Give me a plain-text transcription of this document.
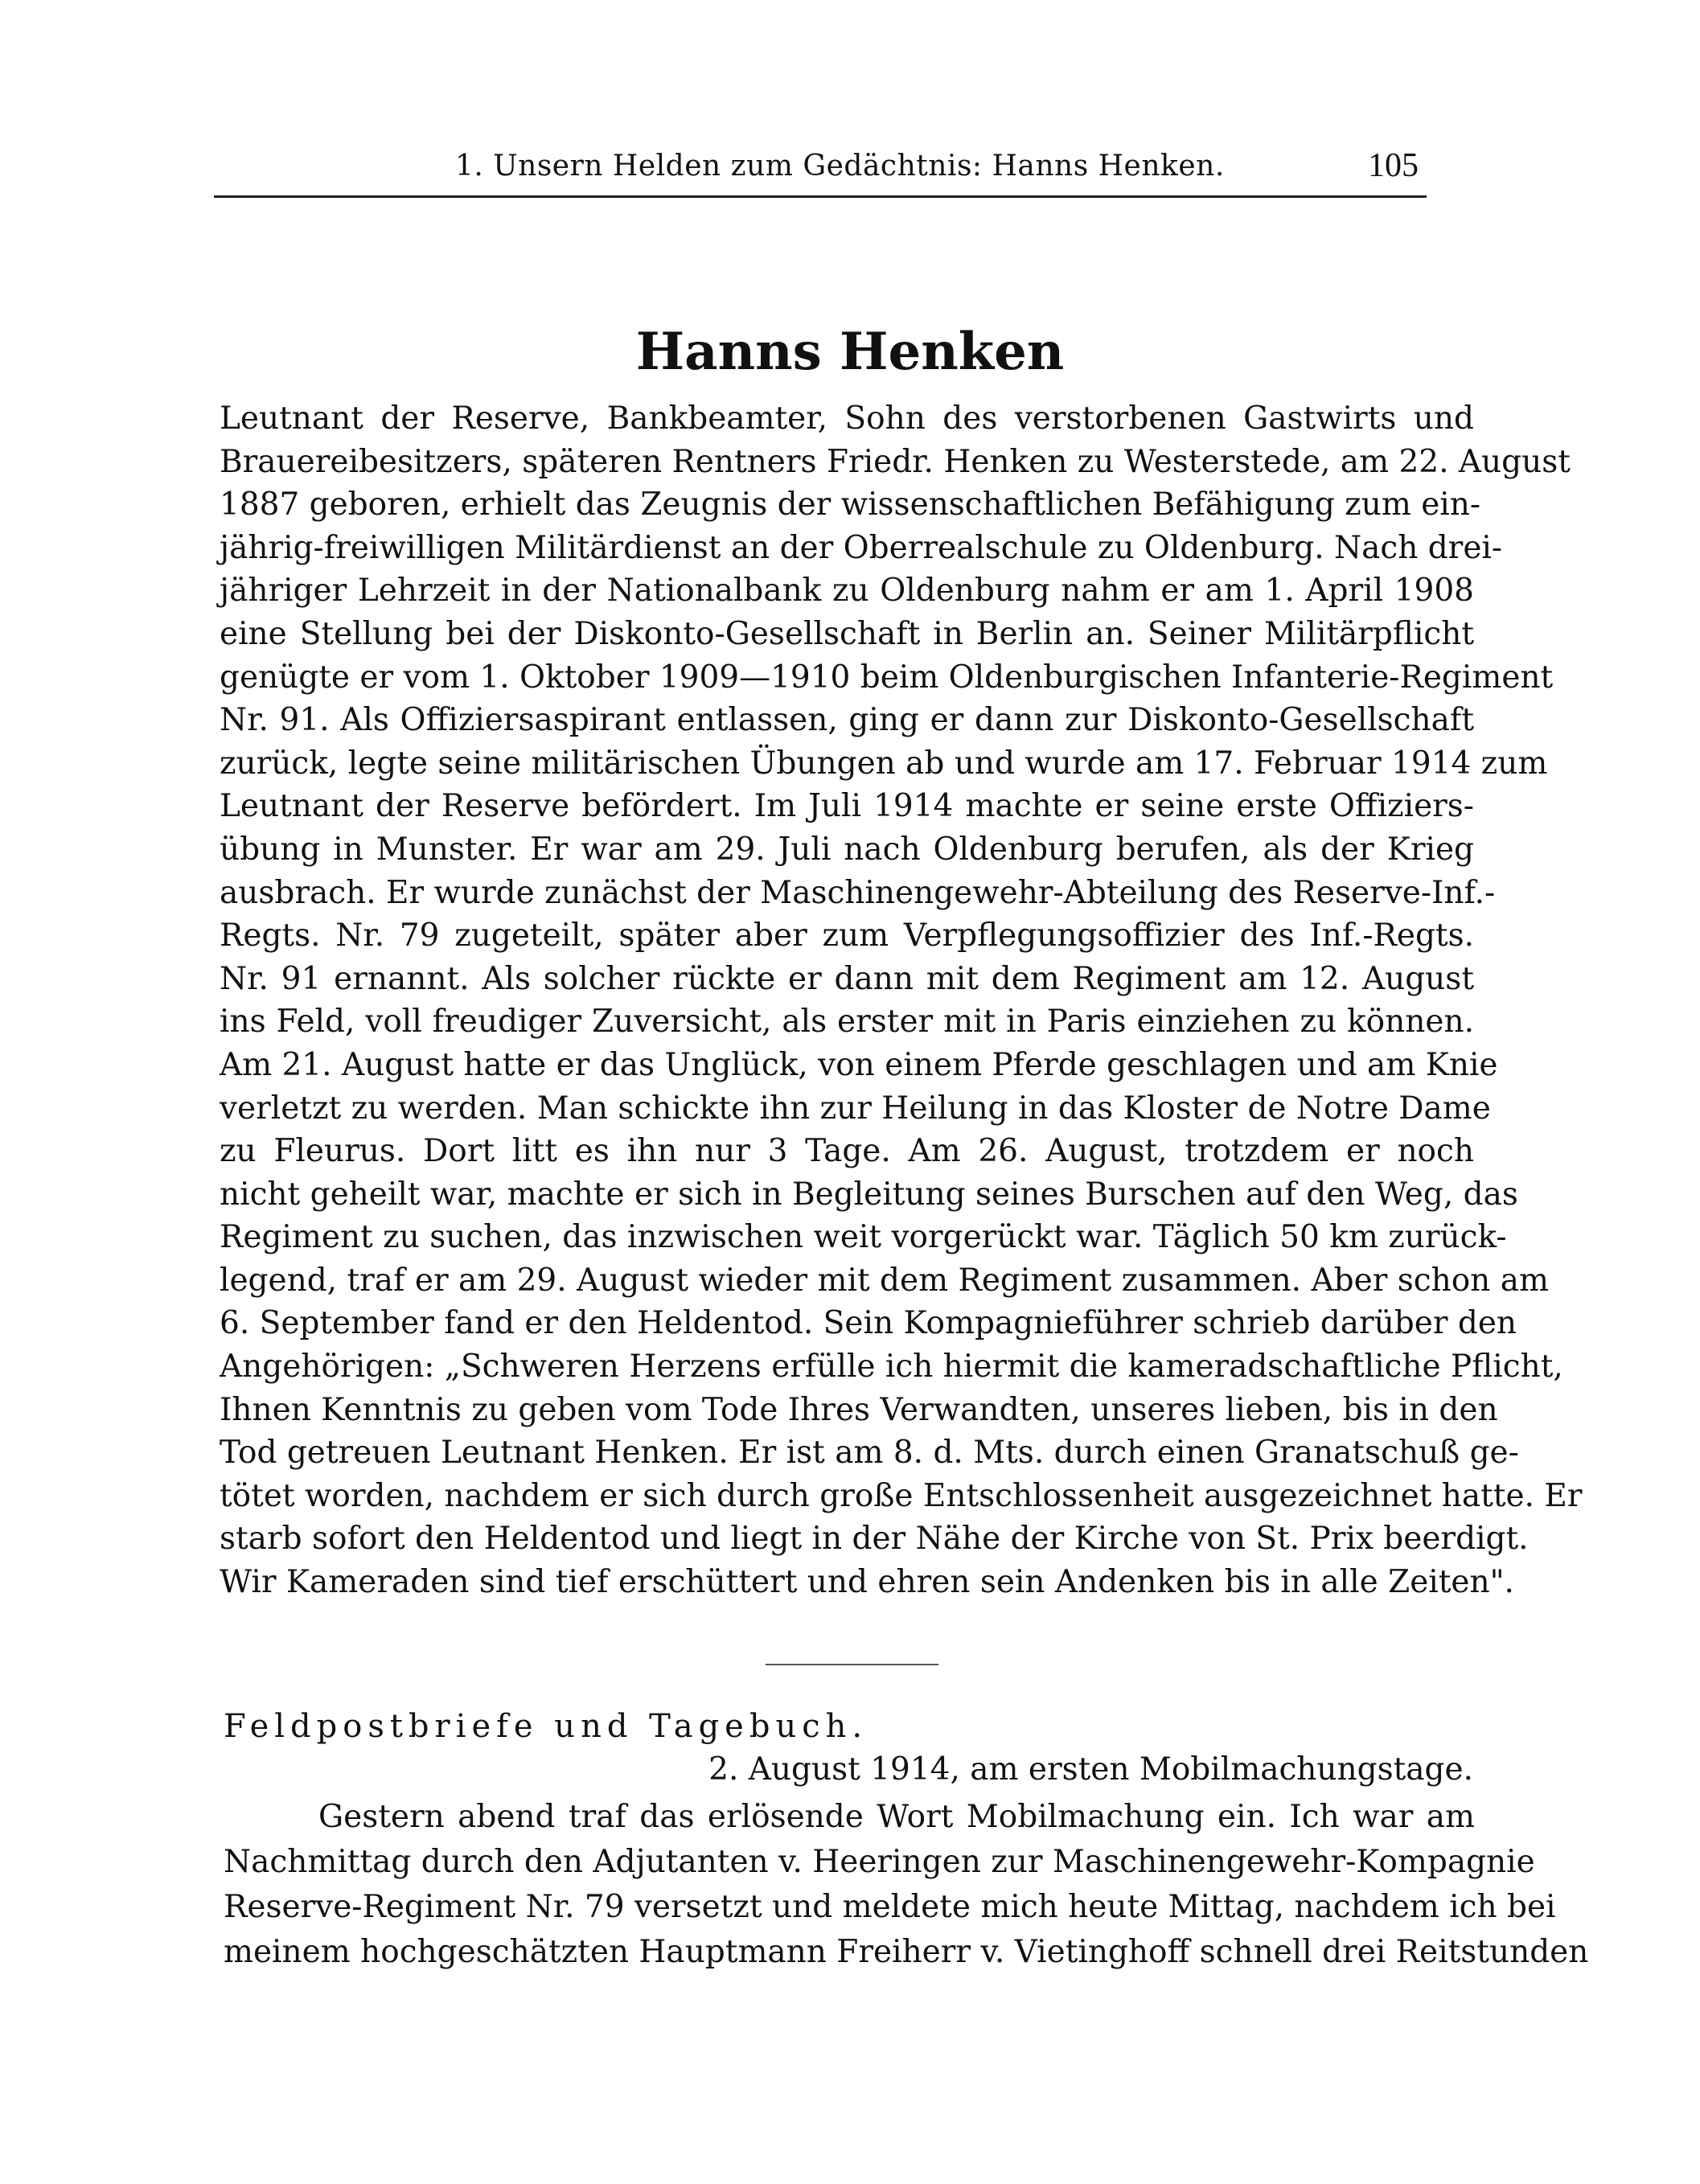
1. Unsern Helden zum Gedächtnis: Hanns Henken.	105
Hanns Henken
Leutnant der Reserve, Bankbeamter, Sohn des verstorbenen Gastwirts und
Brauereibesitzers, späteren Rentners Friedr. Henken zu Westerstede, am 22. August
1887 geboren, erhielt das Zeugnis der wissenschaftlichen Befähigung zum ein-
jährig-freiwilligen Militärdienst an der Oberrealschule zu Oldenburg. Nach drei-
jähriger Lehrzeit in der Nationalbank zu Oldenburg nahm er am 1. April 1908
eine Stellung bei der Diskonto-Gesellschaft in Berlin an. Seiner Militärpflicht
genügte er vom 1. Oktober 1909—1910 beim Oldenburgischen Infanterie-Regiment
Nr. 91. Als Offiziersaspirant entlassen, ging er dann zur Diskonto-Gesellschaft
zurück, legte seine militärischen Übungen ab und wurde am 17. Februar 1914 zum
Leutnant der Reserve befördert. Im Juli 1914 machte er seine erste Offiziers-
übung in Munster. Er war am 29. Juli nach Oldenburg berufen, als der Krieg
ausbrach. Er wurde zunächst der Maschinengewehr-Abteilung des Reserve-Inf.-
Regts. Nr. 79 zugeteilt, später aber zum Verpflegungsoffizier des Inf.-Regts.
Nr. 91 ernannt. Als solcher rückte er dann mit dem Regiment am 12. August
ins Feld, voll freudiger Zuversicht, als erster mit in Paris einziehen zu können.
Am 21. August hatte er das Unglück, von einem Pferde geschlagen und am Knie
verletzt zu werden. Man schickte ihn zur Heilung in das Kloster de Notre Dame
zu Fleurus. Dort litt es ihn nur 3 Tage. Am 26. August, trotzdem er noch
nicht geheilt war, machte er sich in Begleitung seines Burschen auf den Weg, das
Regiment zu suchen, das inzwischen weit vorgerückt war. Täglich 50 km zurück-
legend, traf er am 29. August wieder mit dem Regiment zusammen. Aber schon am
6. September fand er den Heldentod. Sein Kompagnieführer schrieb darüber den
Angehörigen: „Schweren Herzens erfülle ich hiermit die kameradschaftliche Pflicht,
Ihnen Kenntnis zu geben vom Tode Ihres Verwandten, unseres lieben, bis in den
Tod getreuen Leutnant Henken. Er ist am 8. d. Mts. durch einen Granatschuß ge-
tötet worden, nachdem er sich durch große Entschlossenheit ausgezeichnet hatte. Er
starb sofort den Heldentod und liegt in der Nähe der Kirche von St. Prix beerdigt.
Wir Kameraden sind tief erschüttert und ehren sein Andenken bis in alle Zeiten".
Feldpostbriefe und Tagebuch.
2. August 1914, am ersten Mobilmachungstage.
Gestern abend traf das erlösende Wort Mobilmachung ein. Ich war am
Nachmittag durch den Adjutanten v. Heeringen zur Maschinengewehr-Kompagnie
Reserve-Regiment Nr. 79 versetzt und meldete mich heute Mittag, nachdem ich bei
meinem hochgeschätzten Hauptmann Freiherr v. Vietinghoff schnell drei Reitstunden
